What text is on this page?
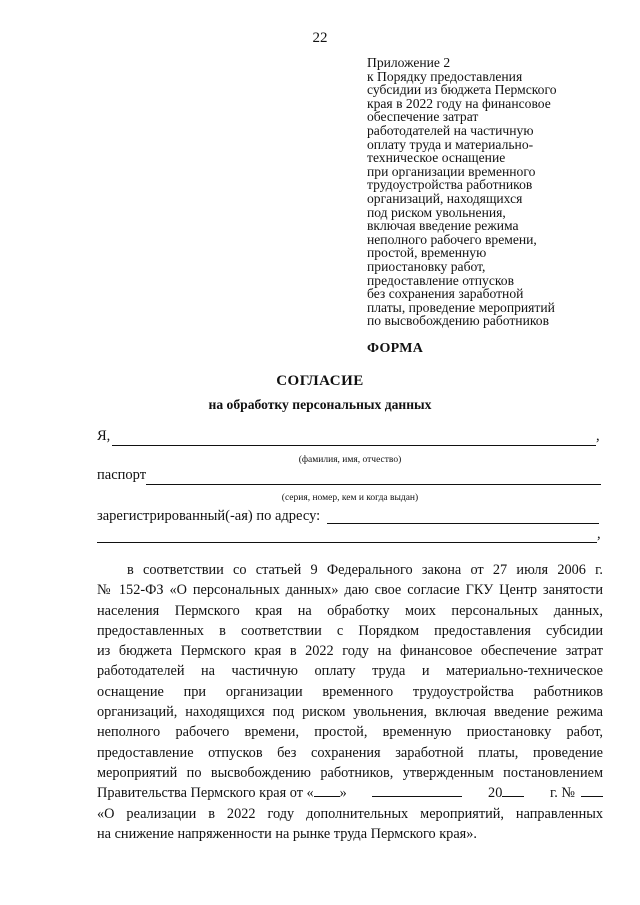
22
Приложение 2
к Порядку предоставления
субсидии из бюджета Пермского
края в 2022 году на финансовое
обеспечение затрат
работодателей на частичную
оплату труда и материально-
техническое оснащение
при организации временного
трудоустройства работников
организаций, находящихся
под риском увольнения,
включая введение режима
неполного рабочего времени,
простой, временную
приостановку работ,
предоставление отпусков
без сохранения заработной
платы, проведение мероприятий
по высвобождению работников
ФОРМА
СОГЛАСИЕ
на обработку персональных данных
Я,	,
(фамилия, имя, отчество)
паспорт
(серия, номер, кем и когда выдан)
зарегистрированный(-ая) по адресу:
,
в соответствии со статьей 9 Федерального закона от 27 июля 2006 г.
№ 152-ФЗ «О персональных данных» даю свое согласие ГКУ Центр занятости
населения Пермского края на обработку моих персональных данных,
предоставленных в соответствии с Порядком предоставления субсидии
из бюджета Пермского края в 2022 году на финансовое обеспечение затрат
работодателей на частичную оплату труда и материально-техническое
оснащение при организации временного трудоустройства работников
организаций, находящихся под риском увольнения, включая введение режима
неполного рабочего времени, простой, временную приостановку работ,
предоставление отпусков без сохранения заработной платы, проведение
мероприятий по высвобождению работников, утвержденным постановлением
Правительства Пермского края от « »	20	г. №
«О реализации в 2022 году дополнительных мероприятий, направленных
на снижение напряженности на рынке труда Пермского края».
